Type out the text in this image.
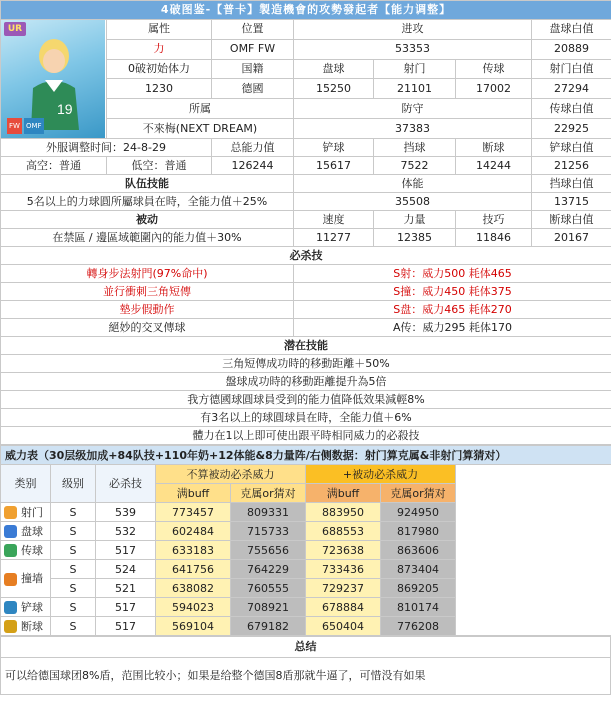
4破图鉴-【普卡】製造機會的攻勢發起者【能力调整】						

UR
19
FW OMF	属性	位置	进攻			盘球白值
	力	OMF FW	53353			20889
	0破初始体力	国籍	盘球	射门	传球	射门白值
	1230	德國	15250	21101	17002	27294
	所属		防守			传球白值
	不來梅(NEXT DREAM)		37383			22925
外服调整时间：24-8-29		总能力值	铲球	挡球	断球	铲球白值
高空：普通	低空：普通	126244	15617	7522	14244	21256
队伍技能			体能			挡球白值
5名以上的力球圓所屬球員在時，全能力值＋25%			35508			13715
被动			速度	力量	技巧	断球白值
在禁區 / 邊區域範圍內的能力值＋30%			11277	12385	11846	20167
必杀技						
轉身步法射門(97%命中)			S射：威力500 耗体465			
並行衝刺三角短傳			S撞：威力450 耗体375			
墊步假動作			S盘：威力465 耗体270			
絕妙的交叉傳球			A传：威力295 耗体170			
潜在技能						
三角短傳成功時的移動距離＋50%						
盤球成功時的移動距離提升為5倍						
我方德國球圓球員受到的能力值降低效果減輕8%						
有3名以上的球圓球員在時，全能力值＋6%						
體力在1以上即可使出跟平時相同威力的必殺技						
威力表（30层级加成+84队技+110年奶+12体能&8力量阵/右侧数据：射门算克属&非射门算猜对）							
类别	级别	必杀技	不算被动必杀威力		+被动必杀威力		
			满buff	克属or猜对	满buff	克属or猜对	
射门	S	539	773457	809331	883950	924950	
盘球	S	532	602484	715733	688553	817980	
传球	S	517	633183	755656	723638	863606	
撞墙	S	524	641756	764229	733436	873404	
	S	521	638082	760555	729237	869205	
铲球	S	517	594023	708921	678884	810174	
断球	S	517	569104	679182	650404	776208	
总结
可以给德国球团8%盾，范围比较小；如果是给整个德国8盾那就牛逼了，可惜没有如果
